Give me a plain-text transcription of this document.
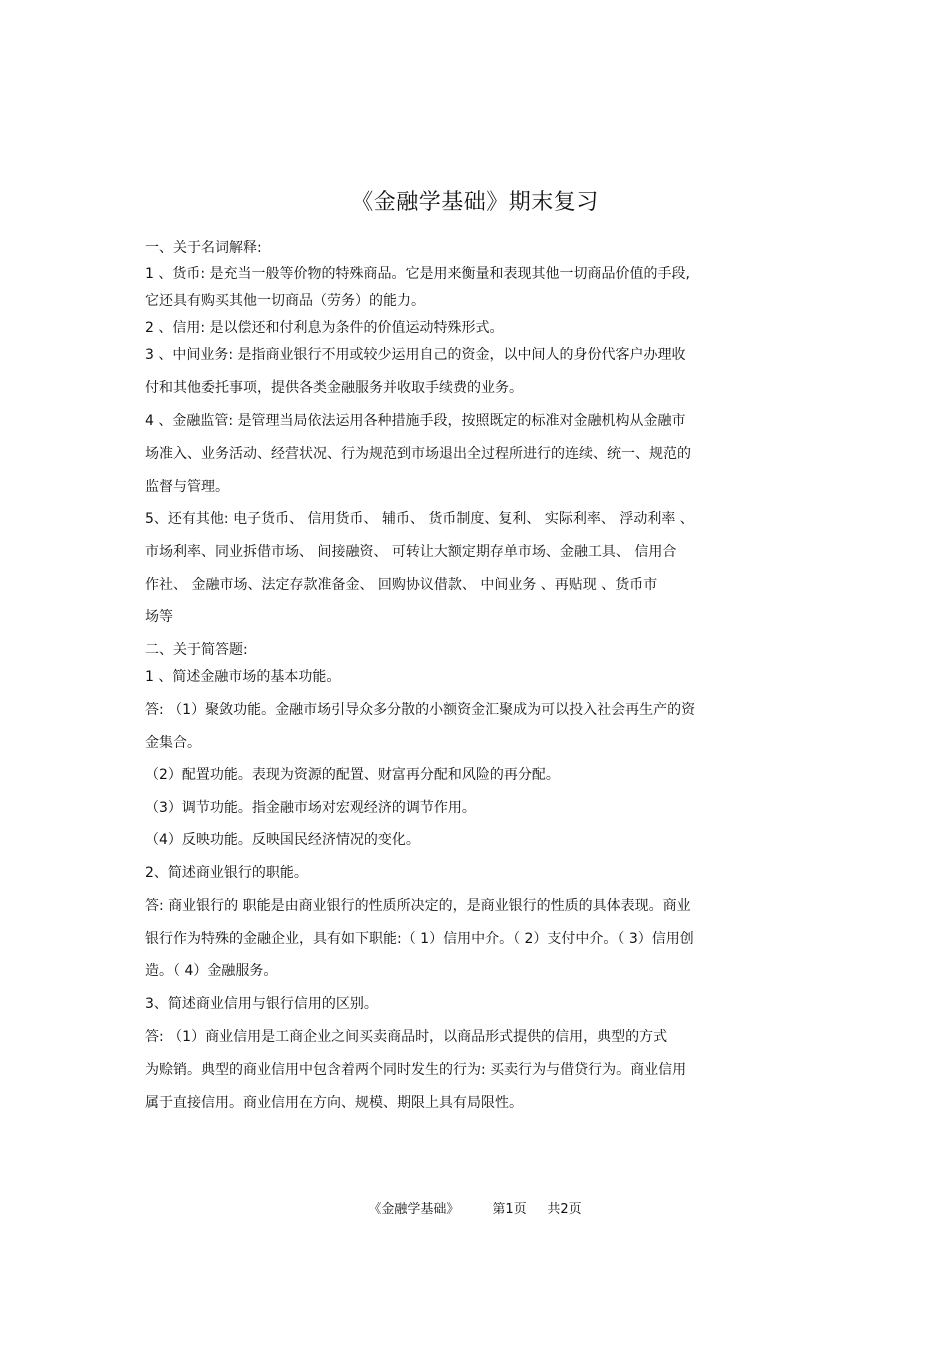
《金融学基础》期末复习
一、关于名词解释:
1 、货币: 是充当一般等价物的特殊商品。它是用来衡量和表现其他一切商品价值的手段,
它还具有购买其他一切商品（劳务）的能力。
2 、信用: 是以偿还和付利息为条件的价值运动特殊形式。
3 、中间业务: 是指商业银行不用或较少运用自己的资金，以中间人的身份代客户办理收
付和其他委托事项，提供各类金融服务并收取手续费的业务。
4 、金融监管: 是管理当局依法运用各种措施手段，按照既定的标准对金融机构从金融市
场准入、业务活动、经营状况、行为规范到市场退出全过程所进行的连续、统一、规范的
监督与管理。
5、还有其他: 电子货币、 信用货币、 辅币、 货币制度、复利、 实际利率、 浮动利率 、
市场利率、同业拆借市场、 间接融资、 可转让大额定期存单市场、金融工具、 信用合
作社、 金融市场、法定存款准备金、 回购协议借款、 中间业务 、再贴现 、货币市
场等
二、关于简答题:
1 、简述金融市场的基本功能。
答: （1）聚敛功能。金融市场引导众多分散的小额资金汇聚成为可以投入社会再生产的资
金集合。
（2）配置功能。表现为资源的配置、财富再分配和风险的再分配。
（3）调节功能。指金融市场对宏观经济的调节作用。
（4）反映功能。反映国民经济情况的变化。
2、简述商业银行的职能。
答: 商业银行的 职能是由商业银行的性质所决定的，是商业银行的性质的具体表现。商业
银行作为特殊的金融企业，具有如下职能:（ 1）信用中介。（ 2）支付中介。（ 3）信用创
造。（ 4）金融服务。
3、简述商业信用与银行信用的区别。
答: （1）商业信用是工商企业之间买卖商品时，以商品形式提供的信用，典型的方式
为赊销。典型的商业信用中包含着两个同时发生的行为: 买卖行为与借贷行为。商业信用
属于直接信用。商业信用在方向、规模、期限上具有局限性。
《金融学基础》	第1页 共2页
